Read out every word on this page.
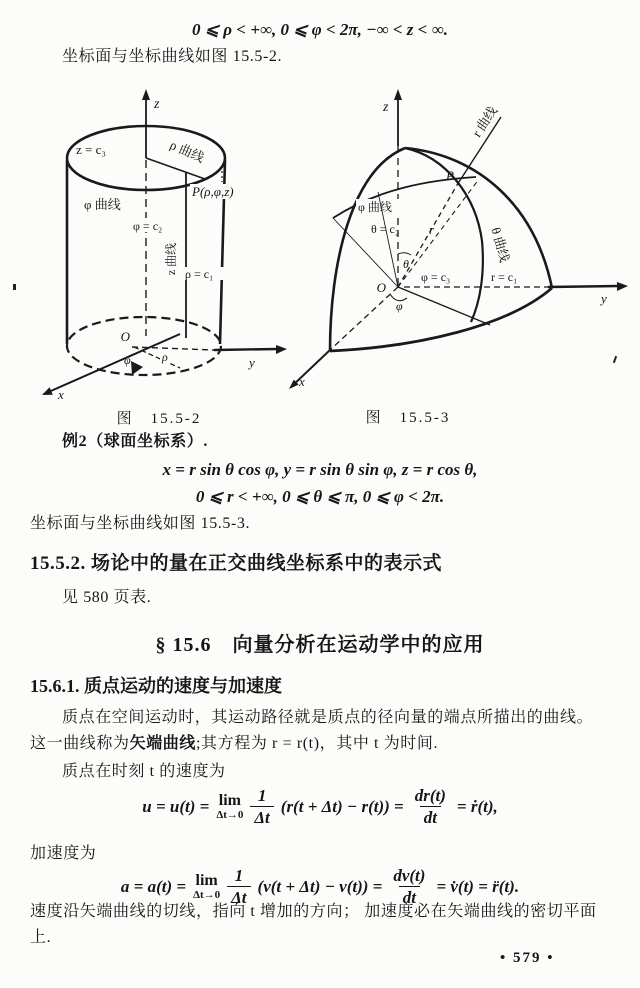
0 ⩽ ρ < +∞, 0 ⩽ φ < 2π, −∞ < z < ∞.
坐标面与坐标曲线如图 15.5-2.
z
ρ 曲线
z = c₃
φ 曲线
φ = c₂
z 曲线 ρ = c₁
P(ρ,φ,z)
O
y
ρ
φ
x
z
φ 曲线
r 曲线
P
θ = c₂ r
θ
θ 曲线
O
x
y
φ = c₃	r = c₁
φ
图　15.5-2	图　15.5-3
例2（球面坐标系）.
x = r sin θ cos φ, y = r sin θ sin φ, z = r cos θ,
0 ⩽ r < +∞, 0 ⩽ θ ⩽ π, 0 ⩽ φ < 2π.
坐标面与坐标曲线如图 15.5-3.
15.5.2. 场论中的量在正交曲线坐标系中的表示式
见 580 页表.
§ 15.6　向量分析在运动学中的应用
15.6.1. 质点运动的速度与加速度
质点在空间运动时，其运动路径就是质点的径向量的端点所描出的曲线。
这一曲线称为矢端曲线;其方程为 r = r(t)，其中 t 为时间.
质点在时刻 t 的速度为
u = u(t) = lim
$\Delta t\to 0 \frac{1}{\Delta t} (r(t + \Delta t) - r(t)) = \frac{dr(t)}{dt}$ = ṙ(t),
加速度为
a = a(t) = lim
$\Delta t\to 0 \frac{1}{\Delta t} (v(t + \Delta t) - v(t)) = \frac{dv(t)}{dt}$ = v̇(t) = r̈(t).
速度沿矢端曲线的切线，指向 t 增加的方向； 加速度必在矢端曲线的密切平面
上.
• 579 •
